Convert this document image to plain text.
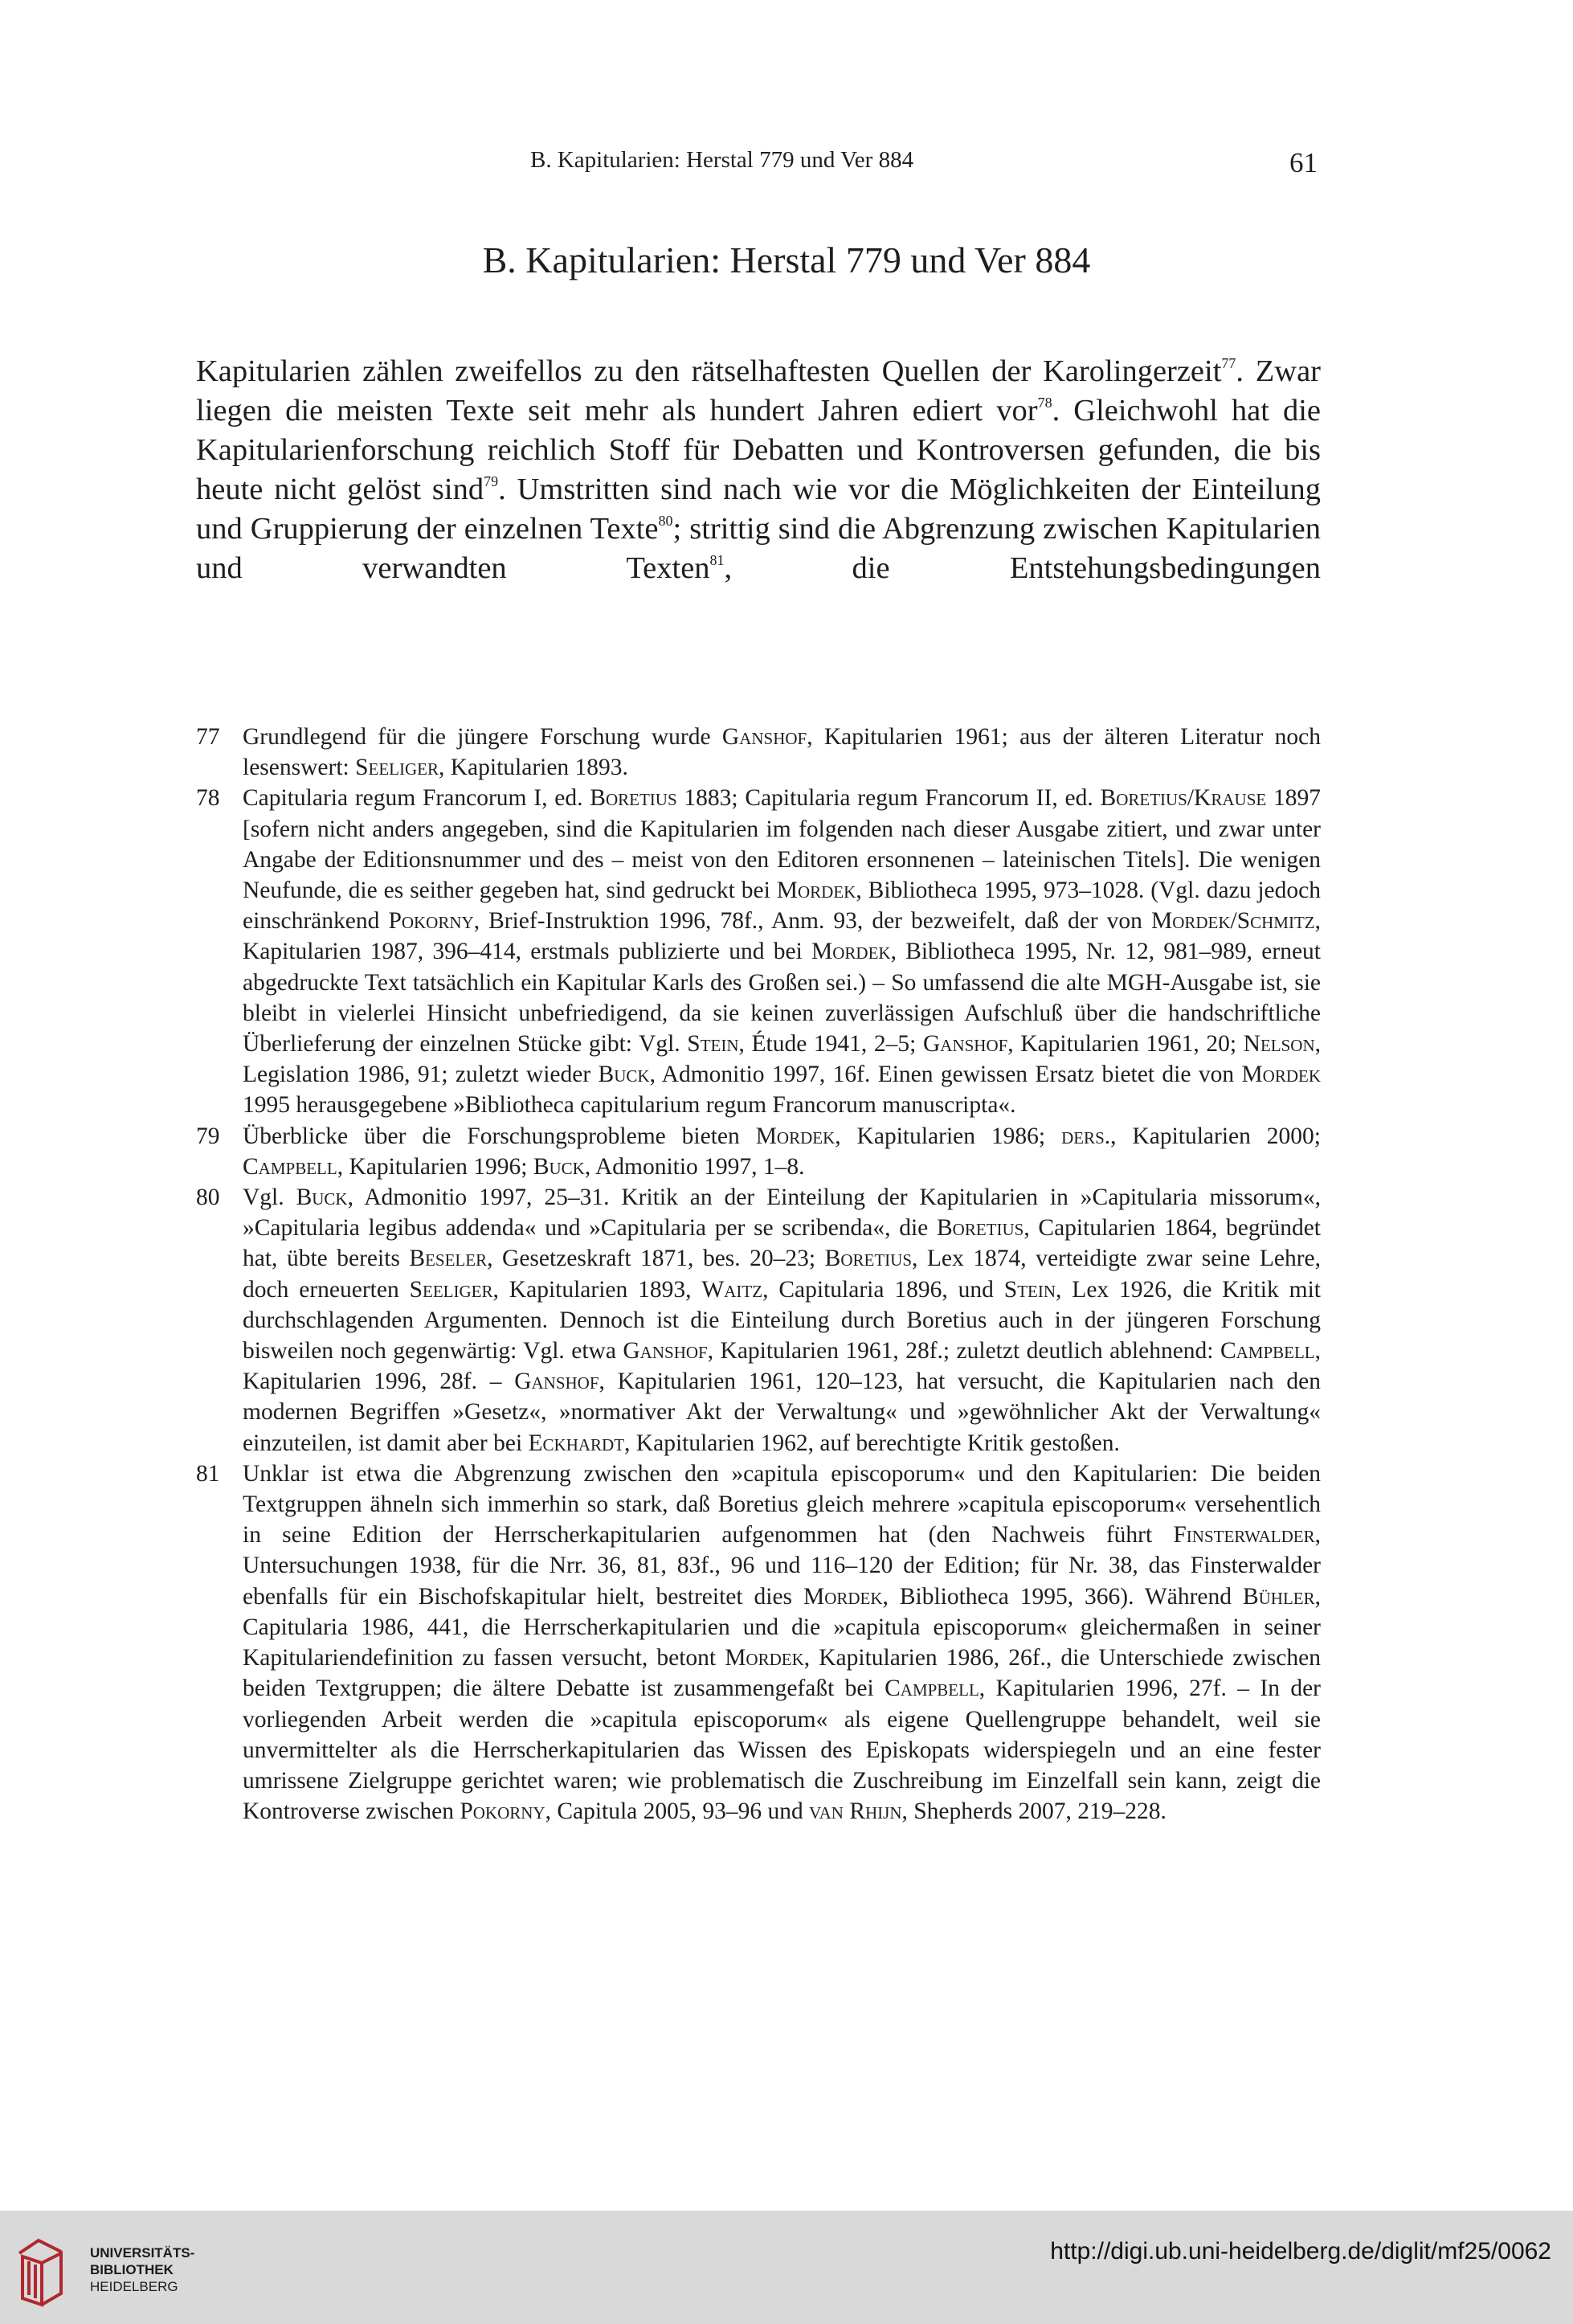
B. Kapitularien: Herstal 779 und Ver 884	61
B. Kapitularien: Herstal 779 und Ver 884

Kapitularien zählen zweifellos zu den rätselhaftesten Quellen der Karolingerzeit$^{77}$. Zwar liegen die meisten Texte seit mehr als hundert Jahren ediert vor$^{78}$. Gleichwohl hat die Kapitularienforschung reichlich Stoff für Debatten und Kontroversen gefunden, die bis heute nicht gelöst sind$^{79}$. Umstritten sind nach wie vor die Möglichkeiten der Einteilung und Gruppierung der einzelnen Texte$^{80}$; strittig sind die Abgrenzung zwischen Kapitularien und verwandten Texten$^{81}$, die Entstehungsbedingungen

77 Grundlegend für die jüngere Forschung wurde Ganshof, Kapitularien 1961; aus der älteren Literatur noch lesenswert: Seeliger, Kapitularien 1893.
78 Capitularia regum Francorum I, ed. Boretius 1883; Capitularia regum Francorum II, ed. Boretius/Krause 1897 [sofern nicht anders angegeben, sind die Kapitularien im folgenden nach dieser Ausgabe zitiert, und zwar unter Angabe der Editionsnummer und des – meist von den Editoren ersonnenen – lateinischen Titels]. Die wenigen Neufunde, die es seither gegeben hat, sind gedruckt bei Mordek, Bibliotheca 1995, 973–1028. (Vgl. dazu jedoch einschränkend Pokorny, Brief-Instruktion 1996, 78f., Anm. 93, der bezweifelt, daß der von Mordek/Schmitz, Kapitularien 1987, 396–414, erstmals publizierte und bei Mordek, Bibliotheca 1995, Nr. 12, 981–989, erneut abgedruckte Text tatsächlich ein Kapitular Karls des Großen sei.) – So umfassend die alte MGH-Ausgabe ist, sie bleibt in vielerlei Hinsicht unbefriedigend, da sie keinen zuverlässigen Aufschluß über die handschriftliche Überlieferung der einzelnen Stücke gibt: Vgl. Stein, Étude 1941, 2–5; Ganshof, Kapitularien 1961, 20; Nelson, Legislation 1986, 91; zuletzt wieder Buck, Admonitio 1997, 16f. Einen gewissen Ersatz bietet die von Mordek 1995 herausgegebene »Bibliotheca capitularium regum Francorum manuscripta«.
79 Überblicke über die Forschungsprobleme bieten Mordek, Kapitularien 1986; ders., Kapitularien 2000; Campbell, Kapitularien 1996; Buck, Admonitio 1997, 1–8.
80 Vgl. Buck, Admonitio 1997, 25–31. Kritik an der Einteilung der Kapitularien in »Capitularia missorum«, »Capitularia legibus addenda« und »Capitularia per se scribenda«, die Boretius, Capitularien 1864, begründet hat, übte bereits Beseler, Gesetzeskraft 1871, bes. 20–23; Boretius, Lex 1874, verteidigte zwar seine Lehre, doch erneuerten Seeliger, Kapitularien 1893, Waitz, Capitularia 1896, und Stein, Lex 1926, die Kritik mit durchschlagenden Argumenten. Dennoch ist die Einteilung durch Boretius auch in der jüngeren Forschung bisweilen noch gegenwärtig: Vgl. etwa Ganshof, Kapitularien 1961, 28f.; zuletzt deutlich ablehnend: Campbell, Kapitularien 1996, 28f. – Ganshof, Kapitularien 1961, 120–123, hat versucht, die Kapitularien nach den modernen Begriffen »Gesetz«, »normativer Akt der Verwaltung« und »gewöhnlicher Akt der Verwaltung« einzuteilen, ist damit aber bei Eckhardt, Kapitularien 1962, auf berechtigte Kritik gestoßen.
81 Unklar ist etwa die Abgrenzung zwischen den »capitula episcoporum« und den Kapitularien: Die beiden Textgruppen ähneln sich immerhin so stark, daß Boretius gleich mehrere »capitula episcoporum« versehentlich in seine Edition der Herrscherkapitularien aufgenommen hat (den Nachweis führt Finsterwalder, Untersuchungen 1938, für die Nrr. 36, 81, 83f., 96 und 116–120 der Edition; für Nr. 38, das Finsterwalder ebenfalls für ein Bischofskapitular hielt, bestreitet dies Mordek, Bibliotheca 1995, 366). Während Bühler, Capitularia 1986, 441, die Herrscherkapitularien und die »capitula episcoporum« gleichermaßen in seiner Kapitulariendefinition zu fassen versucht, betont Mordek, Kapitularien 1986, 26f., die Unterschiede zwischen beiden Textgruppen; die ältere Debatte ist zusammengefaßt bei Campbell, Kapitularien 1996, 27f. – In der vorliegenden Arbeit werden die »capitula episcoporum« als eigene Quellengruppe behandelt, weil sie unvermittelter als die Herrscherkapitularien das Wissen des Episkopats widerspiegeln und an eine fester umrissene Zielgruppe gerichtet waren; wie problematisch die Zuschreibung im Einzelfall sein kann, zeigt die Kontroverse zwischen Pokorny, Capitula 2005, 93–96 und van Rhijn, Shepherds 2007, 219–228.
UNIVERSITÄTS-
BIBLIOTHEK
HEIDELBERG
http://digi.ub.uni-heidelberg.de/diglit/mf25/0062
